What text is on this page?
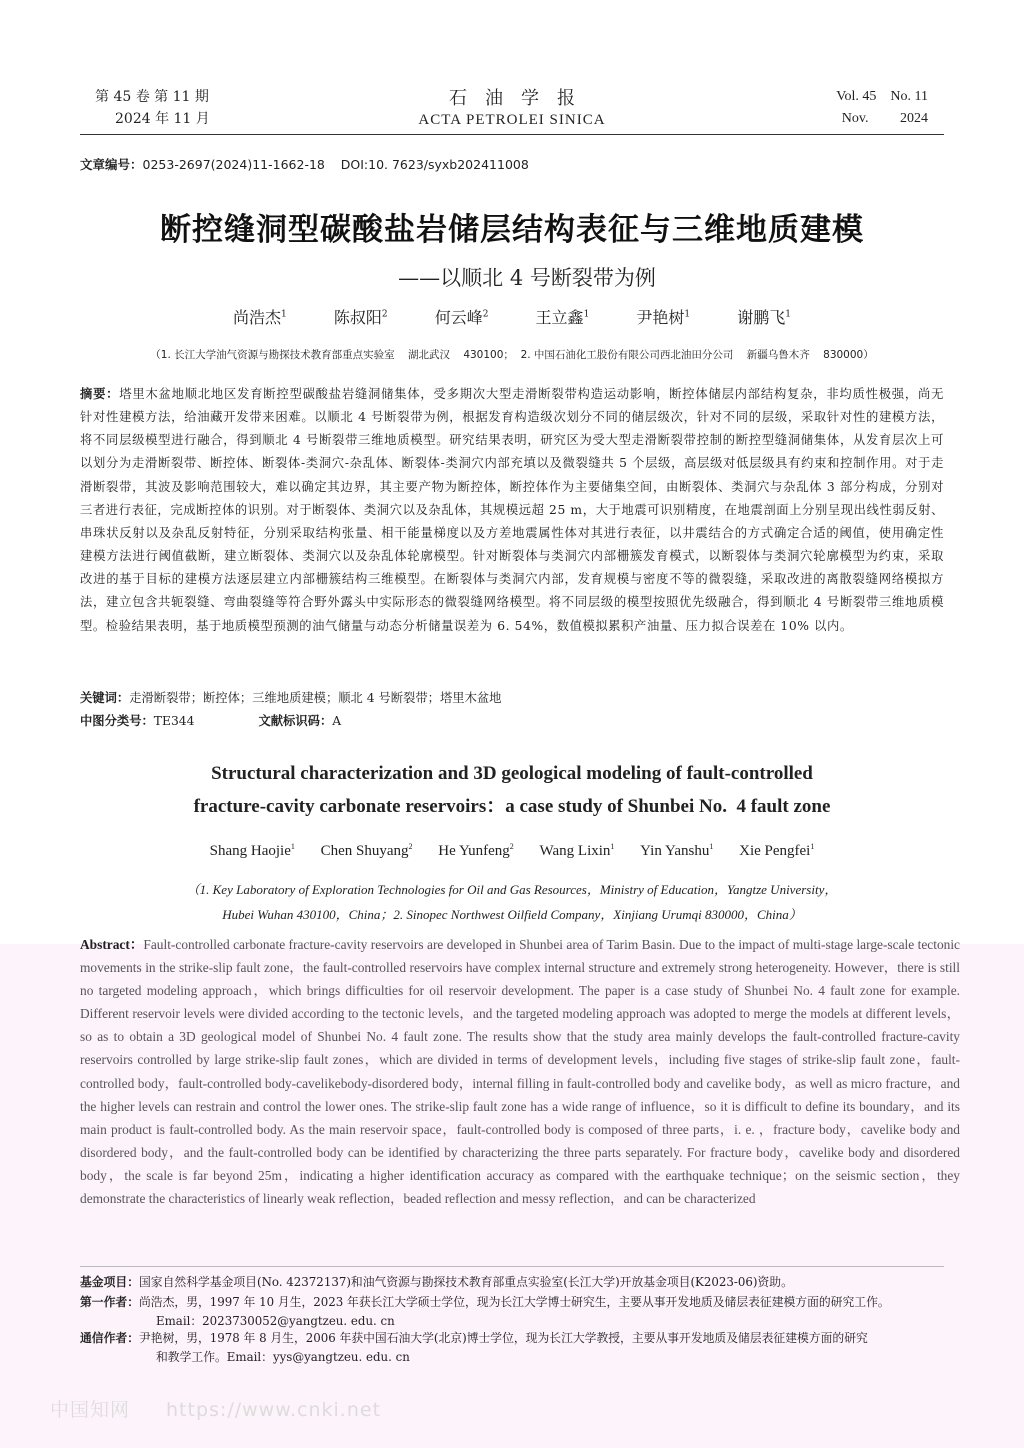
第 45 卷 第 11 期
2024 年 11 月
石油学报
ACTA PETROLEI SINICA
Vol. 45    No. 11
Nov.         2024
文章编号：0253-2697(2024)11-1662-18    DOI:10. 7623/syxb202411008
断控缝洞型碳酸盐岩储层结构表征与三维地质建模
——以顺北 4 号断裂带为例
尚浩杰$^1$	陈叔阳$^2$	何云峰$^2$	王立鑫$^1$	尹艳树$^1$	谢鹏飞$^1$
（1. 长江大学油气资源与勘探技术教育部重点实验室    湖北武汉    430100；  2. 中国石油化工股份有限公司西北油田分公司    新疆乌鲁木齐    830000）
摘要：塔里木盆地顺北地区发育断控型碳酸盐岩缝洞储集体，受多期次大型走滑断裂带构造运动影响，断控体储层内部结构复杂，非均质性极强，尚无针对性建模方法，给油藏开发带来困难。以顺北 4 号断裂带为例，根据发育构造级次划分不同的储层级次，针对不同的层级，采取针对性的建模方法，将不同层级模型进行融合，得到顺北 4 号断裂带三维地质模型。研究结果表明，研究区为受大型走滑断裂带控制的断控型缝洞储集体，从发育层次上可以划分为走滑断裂带、断控体、断裂体-类洞穴-杂乱体、断裂体-类洞穴内部充填以及微裂缝共 5 个层级，高层级对低层级具有约束和控制作用。对于走滑断裂带，其波及影响范围较大，难以确定其边界，其主要产物为断控体，断控体作为主要储集空间，由断裂体、类洞穴与杂乱体 3 部分构成，分别对三者进行表征，完成断控体的识别。对于断裂体、类洞穴以及杂乱体，其规模远超 25 m，大于地震可识别精度，在地震剖面上分别呈现出线性弱反射、串珠状反射以及杂乱反射特征，分别采取结构张量、相干能量梯度以及方差地震属性体对其进行表征，以井震结合的方式确定合适的阈值，使用确定性建模方法进行阈值截断，建立断裂体、类洞穴以及杂乱体轮廓模型。针对断裂体与类洞穴内部栅簇发育模式，以断裂体与类洞穴轮廓模型为约束，采取改进的基于目标的建模方法逐层建立内部栅簇结构三维模型。在断裂体与类洞穴内部，发育规模与密度不等的微裂缝，采取改进的离散裂缝网络模拟方法，建立包含共轭裂缝、弯曲裂缝等符合野外露头中实际形态的微裂缝网络模型。将不同层级的模型按照优先级融合，得到顺北 4 号断裂带三维地质模型。检验结果表明，基于地质模型预测的油气储量与动态分析储量误差为 6. 54%，数值模拟累积产油量、压力拟合误差在 10% 以内。
关键词：走滑断裂带；断控体；三维地质建模；顺北 4 号断裂带；塔里木盆地
中图分类号：TE344	文献标识码：A
Structural characterization and 3D geological modeling of fault-controlled
fracture-cavity carbonate reservoirs：a case study of Shunbei No.  4 fault zone
Shang Haojie$^1$ Chen Shuyang$^2$ He Yunfeng$^2$ Wang Lixin$^1$ Yin Yanshu$^1$ Xie Pengfei$^1$
（1. Key Laboratory of Exploration Technologies for Oil and Gas Resources，Ministry of Education，Yangtze University，
Hubei Wuhan 430100，China；2. Sinopec Northwest Oilfield Company，Xinjiang Urumqi 830000，China）
Abstract：Fault-controlled carbonate fracture-cavity reservoirs are developed in Shunbei area of Tarim Basin. Due to the impact of multi-stage large-scale tectonic movements in the strike-slip fault zone，the fault-controlled reservoirs have complex internal structure and extremely strong heterogeneity. However，there is still no targeted modeling approach，which brings difficulties for oil reservoir development. The paper is a case study of Shunbei No. 4 fault zone for example. Different reservoir levels were divided according to the tectonic levels，and the targeted modeling approach was adopted to merge the models at different levels，so as to obtain a 3D geological model of Shunbei No. 4 fault zone. The results show that the study area mainly develops the fault-controlled fracture-cavity reservoirs controlled by large strike-slip fault zones，which are divided in terms of development levels，including five stages of strike-slip fault zone，fault-controlled body，fault-controlled body-cavelikebody-disordered body，internal filling in fault-controlled body and cavelike body，as well as micro fracture，and the higher levels can restrain and control the lower ones. The strike-slip fault zone has a wide range of influence，so it is difficult to define its boundary，and its main product is fault-controlled body. As the main reservoir space，fault-controlled body is composed of three parts，i. e. ，fracture body，cavelike body and disordered body，and the fault-controlled body can be identified by characterizing the three parts separately. For fracture body，cavelike body and disordered body，the scale is far beyond 25m，indicating a higher identification accuracy as compared with the earthquake technique；on the seismic section，they demonstrate the characteristics of linearly weak reflection，beaded reflection and messy reflection，and can be characterized
基金项目：国家自然科学基金项目(No. 42372137)和油气资源与勘探技术教育部重点实验室(长江大学)开放基金项目(K2023-06)资助。
第一作者：尚浩杰，男，1997 年 10 月生，2023 年获长江大学硕士学位，现为长江大学博士研究生，主要从事开发地质及储层表征建模方面的研究工作。
Email：2023730052@yangtzeu. edu. cn
通信作者：尹艳树，男，1978 年 8 月生，2006 年获中国石油大学(北京)博士学位，现为长江大学教授，主要从事开发地质及储层表征建模方面的研究
和教学工作。Email：yys@yangtzeu. edu. cn
中国知网 https://www.cnki.net
